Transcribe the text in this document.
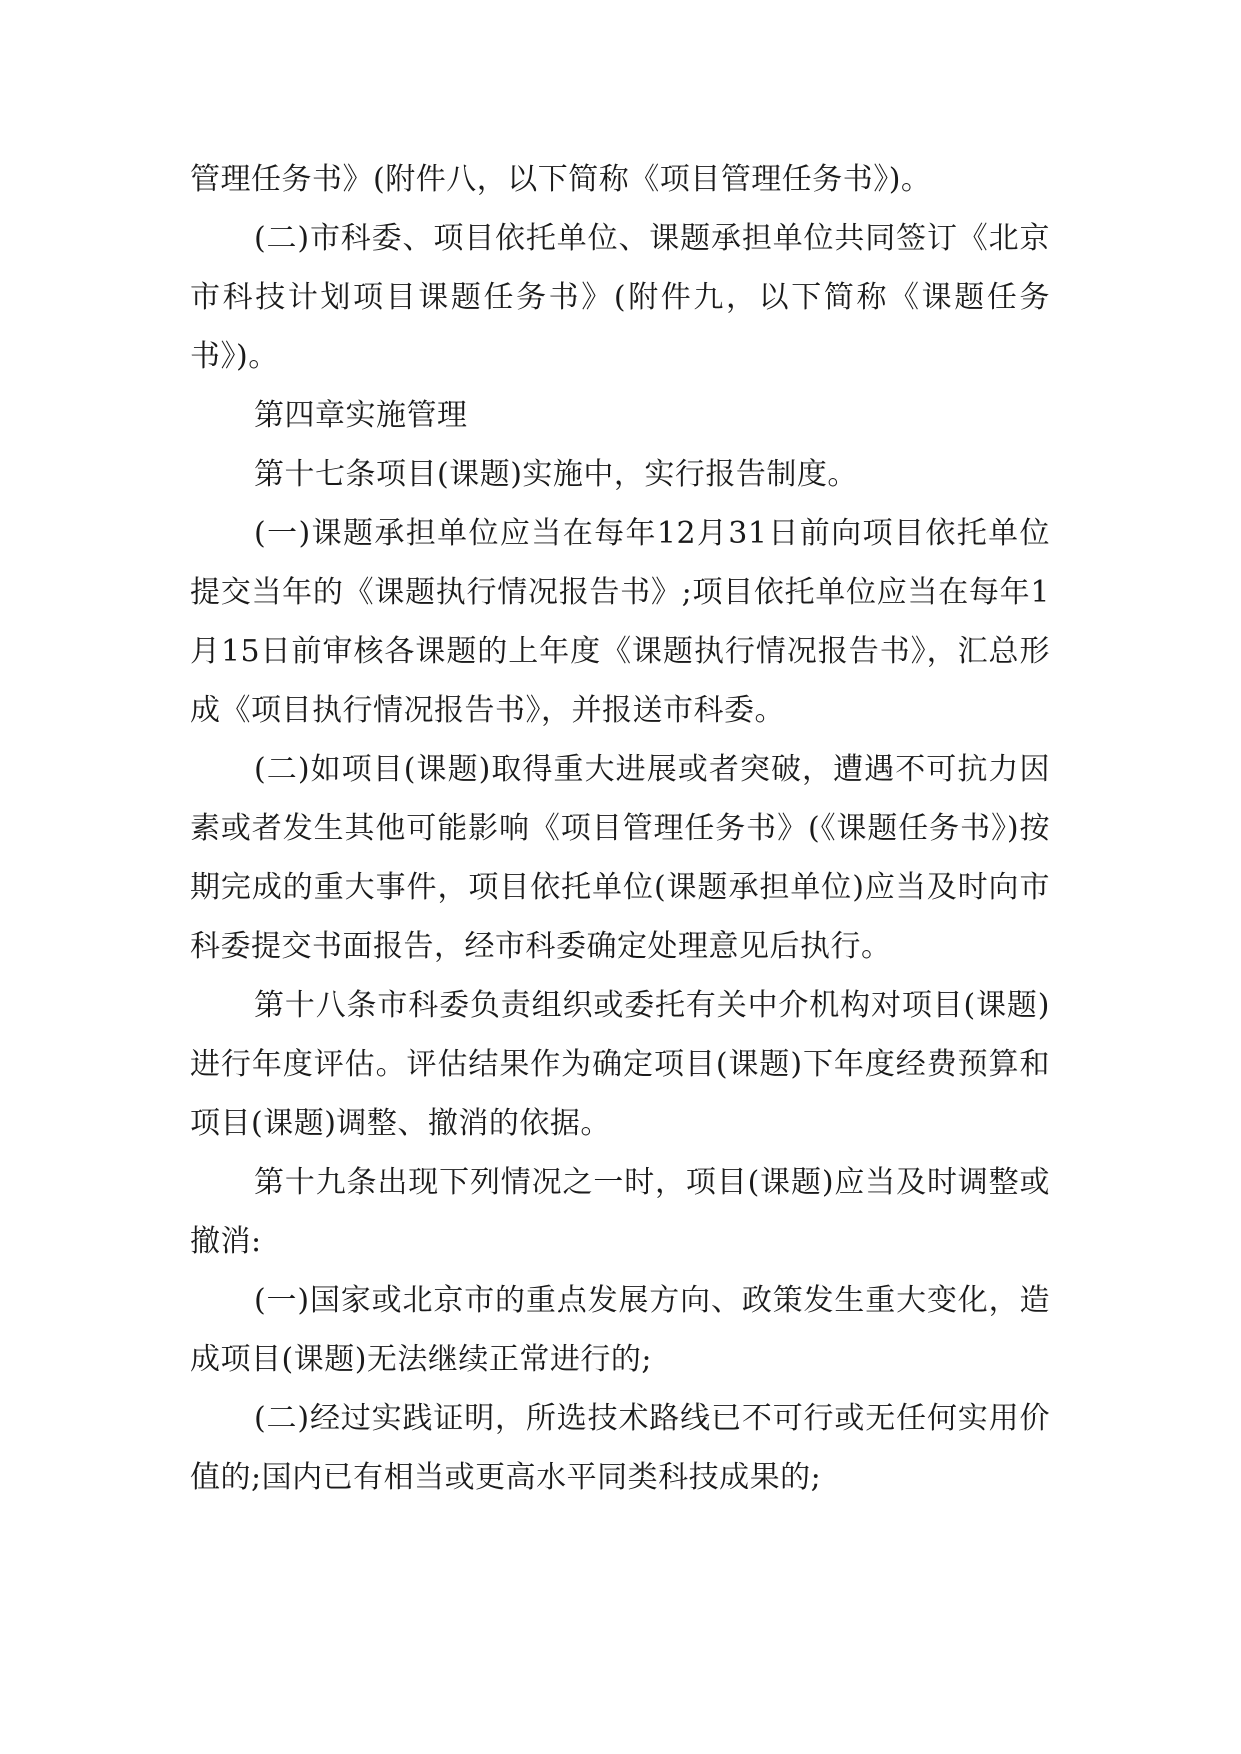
管理任务书》(附件八，以下简称《项目管理任务书》)。

(二)市科委、项目依托单位、课题承担单位共同签订《北京市科技计划项目课题任务书》(附件九，以下简称《课题任务书》)。

第四章实施管理

第十七条项目(课题)实施中，实行报告制度。

(一)课题承担单位应当在每年12月31日前向项目依托单位提交当年的《课题执行情况报告书》;项目依托单位应当在每年1月15日前审核各课题的上年度《课题执行情况报告书》，汇总形成《项目执行情况报告书》，并报送市科委。

(二)如项目(课题)取得重大进展或者突破，遭遇不可抗力因素或者发生其他可能影响《项目管理任务书》(《课题任务书》)按期完成的重大事件，项目依托单位(课题承担单位)应当及时向市科委提交书面报告，经市科委确定处理意见后执行。

第十八条市科委负责组织或委托有关中介机构对项目(课题)进行年度评估。评估结果作为确定项目(课题)下年度经费预算和项目(课题)调整、撤消的依据。

第十九条出现下列情况之一时，项目(课题)应当及时调整或撤消:

(一)国家或北京市的重点发展方向、政策发生重大变化，造成项目(课题)无法继续正常进行的;

(二)经过实践证明，所选技术路线已不可行或无任何实用价值的;国内已有相当或更高水平同类科技成果的;
